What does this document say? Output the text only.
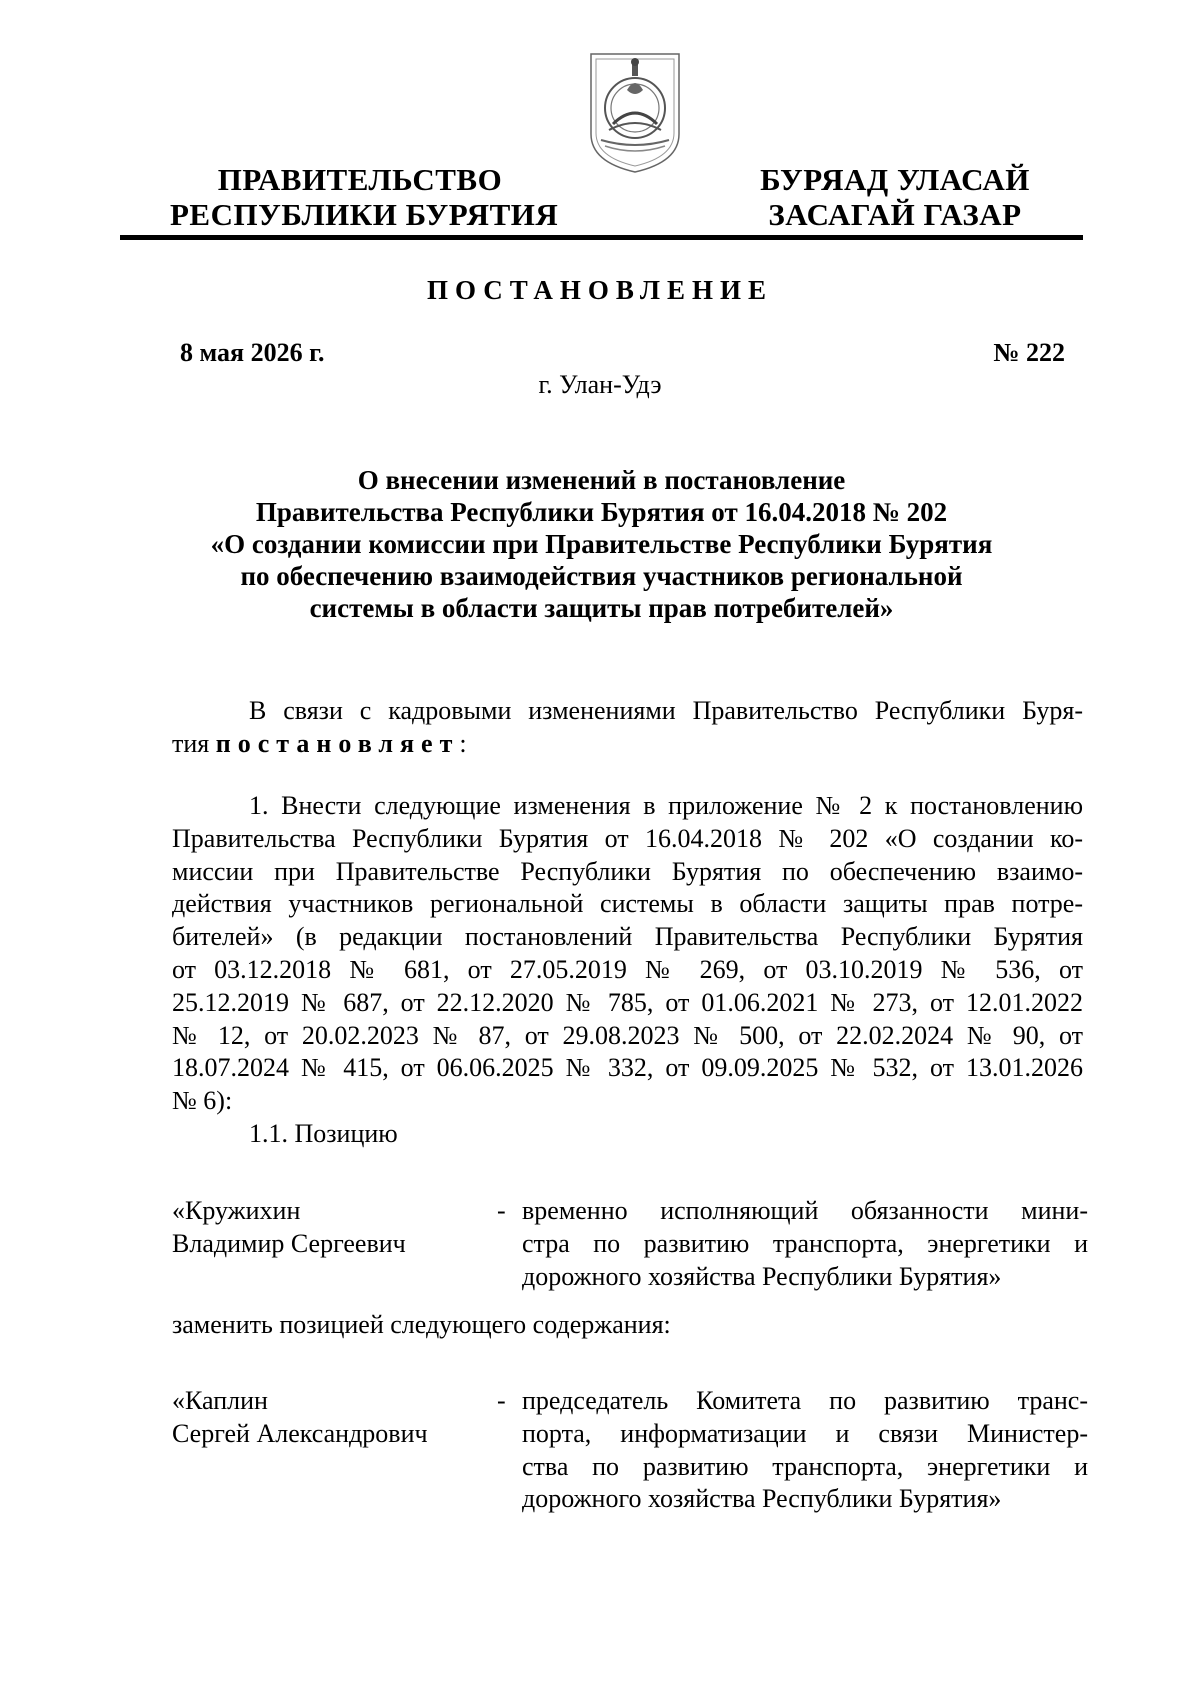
ПРАВИТЕЛЬСТВО
РЕСПУБЛИКИ БУРЯТИЯ
БУРЯАД УЛАСАЙ
ЗАСАГАЙ ГАЗАР
ПОСТАНОВЛЕНИЕ
8 мая 2026 г.	№ 222
г. Улан-Удэ
О внесении изменений в постановление
Правительства Республики Бурятия от 16.04.2018 № 202
«О создании комиссии при Правительстве Республики Бурятия
по обеспечению взаимодействия участников региональной
системы в области защиты прав потребителей»
В связи с кадровыми изменениями Правительство Республики Буря-
тия постановляет:
1. Внести следующие изменения в приложение № 2 к постановлению
Правительства Республики Бурятия от 16.04.2018 № 202 «О создании ко-
миссии при Правительстве Республики Бурятия по обеспечению взаимо-
действия участников региональной системы в области защиты прав потре-
бителей» (в редакции постановлений Правительства Республики Бурятия
от 03.12.2018 № 681, от 27.05.2019 № 269, от 03.10.2019 № 536, от
25.12.2019 № 687, от 22.12.2020 № 785, от 01.06.2021 № 273, от 12.01.2022
№ 12, от 20.02.2023 № 87, от 29.08.2023 № 500, от 22.02.2024 № 90, от
18.07.2024 № 415, от 06.06.2025 № 332, от 09.09.2025 № 532, от 13.01.2026
№ 6):
1.1. Позицию
«Кружихин
Владимир Сергеевич
- временно исполняющий обязанности мини-
стра по развитию транспорта, энергетики и
дорожного хозяйства Республики Бурятия»
заменить позицией следующего содержания:
«Каплин
Сергей Александрович
- председатель Комитета по развитию транс-
порта, информатизации и связи Министер-
ства по развитию транспорта, энергетики и
дорожного хозяйства Республики Бурятия»
